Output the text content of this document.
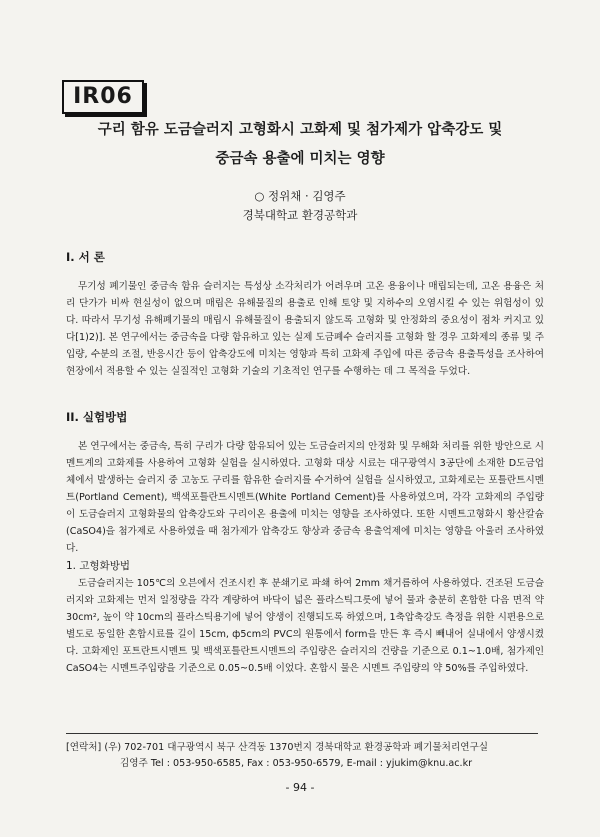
IR06
구리 함유 도금슬러지 고형화시 고화제 및 첨가제가 압축강도 및
중금속 용출에 미치는 영향
○ 정위채 · 김영주
경북대학교 환경공학과
I. 서 론

무기성 폐기물인 중금속 함유 슬러지는 특성상 소각처리가 어려우며 고온 용융이나 매립되는데, 고온 용융은 처리 단가가 비싸 현실성이 없으며 매립은 유해물질의 용출로 인해 토양 및 지하수의 오염시킬 수 있는 위험성이 있다. 따라서 무기성 유해폐기물의 매립시 유해물질이 용출되지 않도록 고형화 및 안정화의 중요성이 점차 커지고 있다[1)2)]. 본 연구에서는 중금속을 다량 함유하고 있는 실제 도금폐수 슬러지를 고형화 할 경우 고화제의 종류 및 주입량, 수분의 조절, 반응시간 등이 압축강도에 미치는 영향과 특히 고화제 주입에 따른 중금속 용출특성을 조사하여 현장에서 적용할 수 있는 실질적인 고형화 기술의 기초적인 연구를 수행하는 데 그 목적을 두었다.

II. 실험방법

본 연구에서는 중금속, 특히 구리가 다량 함유되어 있는 도금슬러지의 안정화 및 무해화 처리를 위한 방안으로 시멘트계의 고화제를 사용하여 고형화 실험을 실시하였다. 고형화 대상 시료는 대구광역시 3공단에 소재한 D도금업체에서 발생하는 슬러지 중 고농도 구리를 함유한 슬러지를 수거하여 실험을 실시하였고, 고화제로는 포틀란트시멘트(Portland Cement), 백색포틀란트시멘트(White Portland Cement)를 사용하였으며, 각각 고화제의 주입량이 도금슬러지 고형화물의 압축강도와 구리이온 용출에 미치는 영향을 조사하였다. 또한 시멘트고형화시 황산칼슘(CaSO4)을 첨가제로 사용하였을 때 첨가제가 압축강도 향상과 중금속 용출억제에 미치는 영향을 아울러 조사하였다.

1. 고형화방법

도금슬러지는 105℃의 오븐에서 건조시킨 후 분쇄기로 파쇄 하여 2mm 채거름하여 사용하였다. 건조된 도금슬러지와 고화제는 먼저 일정량을 각각 계량하여 바닥이 넓은 플라스틱그릇에 넣어 물과 충분히 혼합한 다음 면적 약 30cm², 높이 약 10cm의 플라스틱용기에 넣어 양생이 진행되도록 하였으며, 1축압축강도 측정을 위한 시편용으로 별도로 동일한 혼합시료를 길이 15cm, ф5cm의 PVC의 원통에서 form을 만든 후 즉시 빼내어 실내에서 양생시켰다. 고화제인 포트란트시멘트 및 백색포틀란트시멘트의 주입량은 슬러지의 건량을 기준으로 0.1~1.0배, 첨가제인 CaSO4는 시멘트주입량을 기준으로 0.05~0.5배 이었다. 혼합시 물은 시멘트 주입량의 약 50%를 주입하였다.

[연락처] (우) 702-701 대구광역시 북구 산격동 1370번지 경북대학교 환경공학과 폐기물처리연구실
김영주 Tel : 053-950-6585, Fax : 053-950-6579, E-mail : yjukim@knu.ac.kr
- 94 -
